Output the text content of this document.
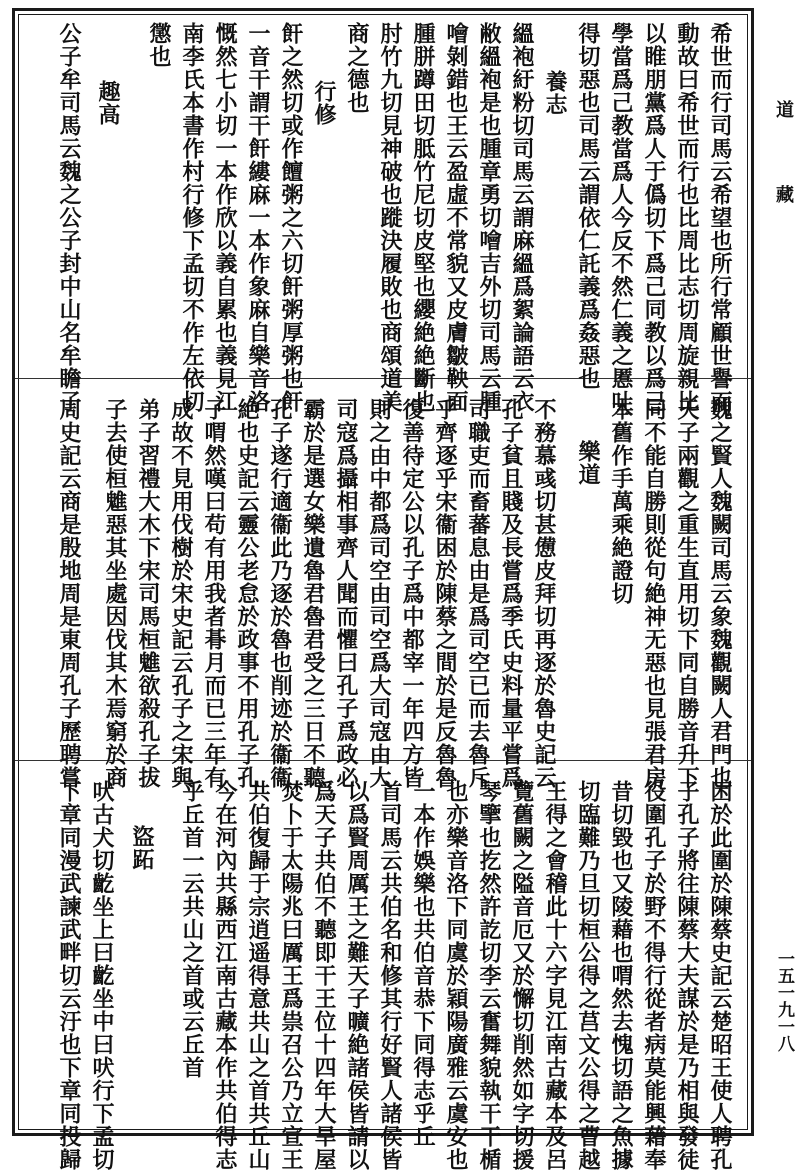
道
藏
一五一九一八
希世而行司馬云希望也所行常顧世譽而
動故曰希世而行也比周比志切周旋親比
以睢朋黨爲人于僞切下爲己同教以爲己
學當爲己教當爲人今反不然仁義之慝吐
得切惡也司馬云謂依仁託義爲姦惡也
養志
縕袍紆粉切司馬云謂麻縕爲絮論語云衣
敝縕袍是也腫章勇切噲吉外切司馬云腫
噲剝錯也王云盈虛不常貌又皮膚皺鞅面
腫胼蹲田切胝竹尼切皮堅也纓絶絶斷也
肘竹九切見神破也蹝決履敗也商頌道美
商之德也
行修
飦之然切或作饘粥之六切飦粥厚粥也飦
一音干謂干飦縷麻一本作象麻自樂音洛
慨然七小切一本作欣以義自累也義見江
南李氏本書作村行修下孟切不作左依切
懲也
趣高
公子牟司馬云魏之公子封中山名牟瞻子
魏之賢人魏闕司馬云象魏觀闕人君門也
天子兩觀之重生直用切下同自勝音升下
同不能自勝則從句絶神无惡也見張君房
本舊作手萬乘絶證切
樂道
不務慕彧切甚憊皮拜切再逐於魯史記云
孔子貧且賤及長嘗爲季氏史料量平嘗爲
司職吏而畜蕃息由是爲司空已而去魯斥
乎齊逐乎宋衞困於陳蔡之間於是反魯魯
復善待定公以孔子爲中都宰一年四方皆
則之由中都爲司空由司空爲大司寇由大
司寇爲攝相事齊人聞而懼曰孔子爲政必
霸於是選女樂遺魯君魯君受之三日不聽
孔子遂行適衞此乃逐於魯也削迹於衞衞
絶也史記云靈公老怠於政事不用孔子孔
子喟然嘆曰苟有用我者朞月而已三年有
成故不見用伐樹於宋史記云孔子之宋與
弟子習禮大木下宋司馬桓魋欲殺孔子拔
子去使桓魋惡其坐處因伐其木焉窮於商
周史記云商是殷地周是東周孔子歷聘嘗
困於此圍於陳蔡史記云楚昭王使人聘孔
子孔子將往陳蔡大夫謀於是乃相與發徒
役圍孔子於野不得行從者病莫能興藉奉
昔切毀也又陵藉也喟然去愧切語之魚據
切臨難乃旦切桓公得之莒文公得之曹越
王得之會稽此十六字見江南古藏本及呂
覽舊闕之隘音厄又於懈切削然如字切援
琴擥也扢然許訖切李云奮舞貌執干干楯
也亦樂音洛下同虞於穎陽廣雅云虞安也
一本作娛樂也共伯音恭下同得志乎丘
首司馬云共伯名和修其行好賢人諸侯皆
以爲賢周厲王之難天子曠絶諸侯皆請以
爲天子共伯不聽即干王位十四年大旱屋
焚卜于太陽兆曰厲王爲祟召公乃立宣王
共伯復歸于宗逍遥得意共山之首共丘山
今在河內共縣西江南古藏本作共伯得志
乎丘首一云共山之首或云丘首
盜跖
吠古犬切齕坐上曰齕坐中曰吠行下孟切
下章同漫武諫武畔切云汙也下章同投歸
